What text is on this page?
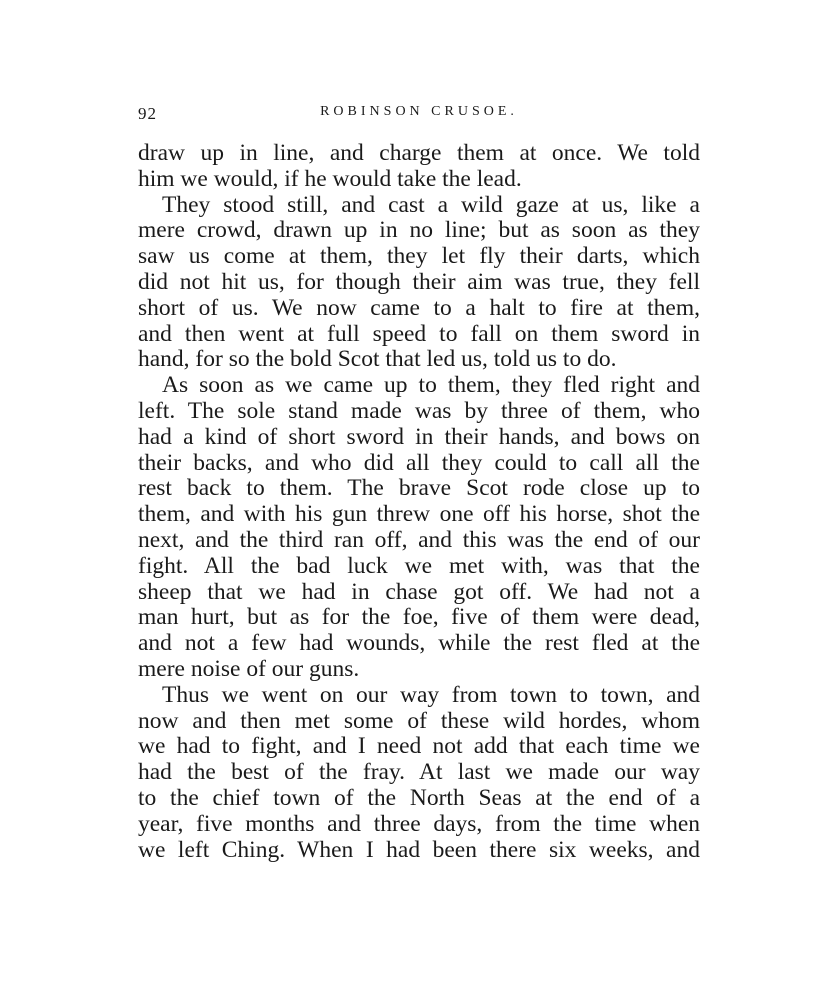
92	ROBINSON CRUSOE.
draw up in line, and charge them at once. We told
him we would, if he would take the lead.
They stood still, and cast a wild gaze at us, like a
mere crowd, drawn up in no line; but as soon as they
saw us come at them, they let fly their darts, which
did not hit us, for though their aim was true, they fell
short of us. We now came to a halt to fire at them,
and then went at full speed to fall on them sword in
hand, for so the bold Scot that led us, told us to do.
As soon as we came up to them, they fled right and
left. The sole stand made was by three of them, who
had a kind of short sword in their hands, and bows on
their backs, and who did all they could to call all the
rest back to them. The brave Scot rode close up to
them, and with his gun threw one off his horse, shot the
next, and the third ran off, and this was the end of our
fight. All the bad luck we met with, was that the
sheep that we had in chase got off. We had not a
man hurt, but as for the foe, five of them were dead,
and not a few had wounds, while the rest fled at the
mere noise of our guns.
Thus we went on our way from town to town, and
now and then met some of these wild hordes, whom
we had to fight, and I need not add that each time we
had the best of the fray. At last we made our way
to the chief town of the North Seas at the end of a
year, five months and three days, from the time when
we left Ching. When I had been there six weeks, and
